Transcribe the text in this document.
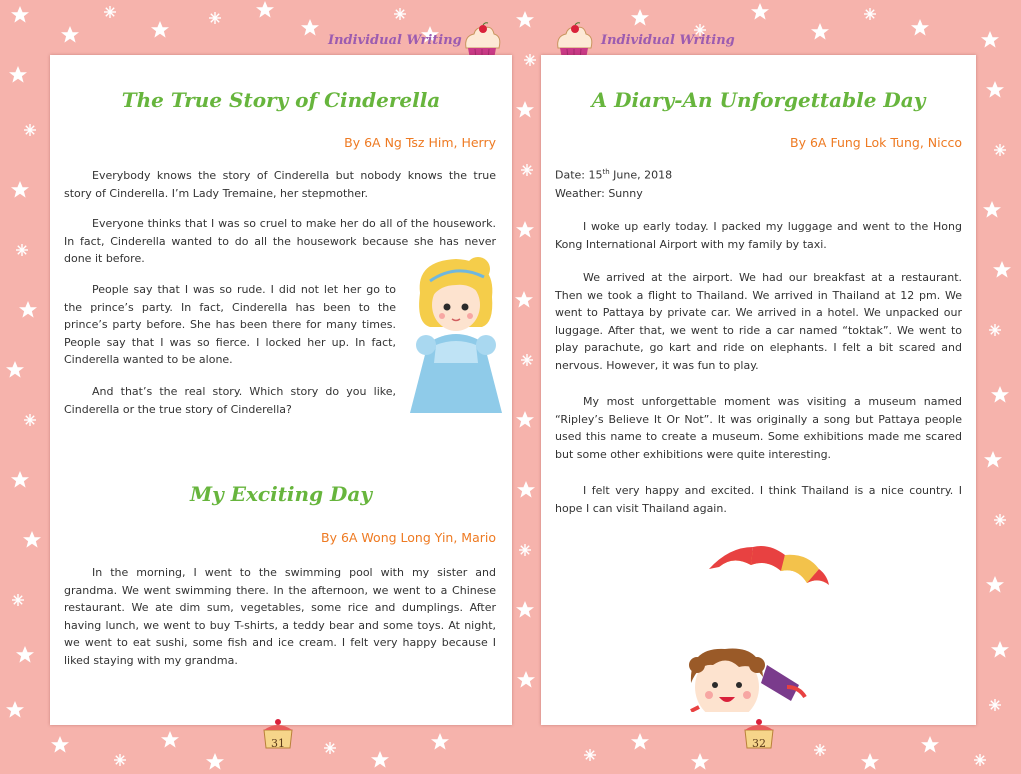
Individual Writing	Individual Writing
The True Story of Cinderella
By 6A Ng Tsz Him, Herry

Everybody knows the story of Cinderella but nobody knows the true story of Cinderella. I’m Lady Tremaine, her stepmother.

Everyone thinks that I was so cruel to make her do all of the housework. In fact, Cinderella wanted to do all the housework because she has never done it before.

People say that I was so rude. I did not let her go to the prince’s party. In fact, Cinderella has been to the prince’s party before. She has been there for many times. People say that I was so fierce. I locked her up. In fact, Cinderella wanted to be alone.

And that’s the real story. Which story do you like, Cinderella or the true story of Cinderella?

My Exciting Day
By 6A Wong Long Yin, Mario

In the morning, I went to the swimming pool with my sister and grandma. We went swimming there. In the afternoon, we went to a Chinese restaurant. We ate dim sum, vegetables, some rice and dumplings. After having lunch, we went to buy T-shirts, a teddy bear and some toys. At night, we went to eat sushi, some fish and ice cream. I felt very happy because I liked staying with my grandma.

A Diary-An Unforgettable Day
By 6A Fung Lok Tung, Nicco
Date: 15th June, 2018
Weather: Sunny

I woke up early today. I packed my luggage and went to the Hong Kong International Airport with my family by taxi.

We arrived at the airport. We had our breakfast at a restaurant. Then we took a flight to Thailand. We arrived in Thailand at 12 pm. We went to Pattaya by private car. We arrived in a hotel. We unpacked our luggage. After that, we went to ride a car named “toktak”. We went to play parachute, go kart and ride on elephants. I felt a bit scared and nervous. However, it was fun to play.

My most unforgettable moment was visiting a museum named “Ripley’s Believe It Or Not”. It was originally a song but Pattaya people used this name to create a museum. Some exhibitions made me scared but some other exhibitions were quite interesting.

I felt very happy and excited. I think Thailand is a nice country. I hope I can visit Thailand again.

31	32
